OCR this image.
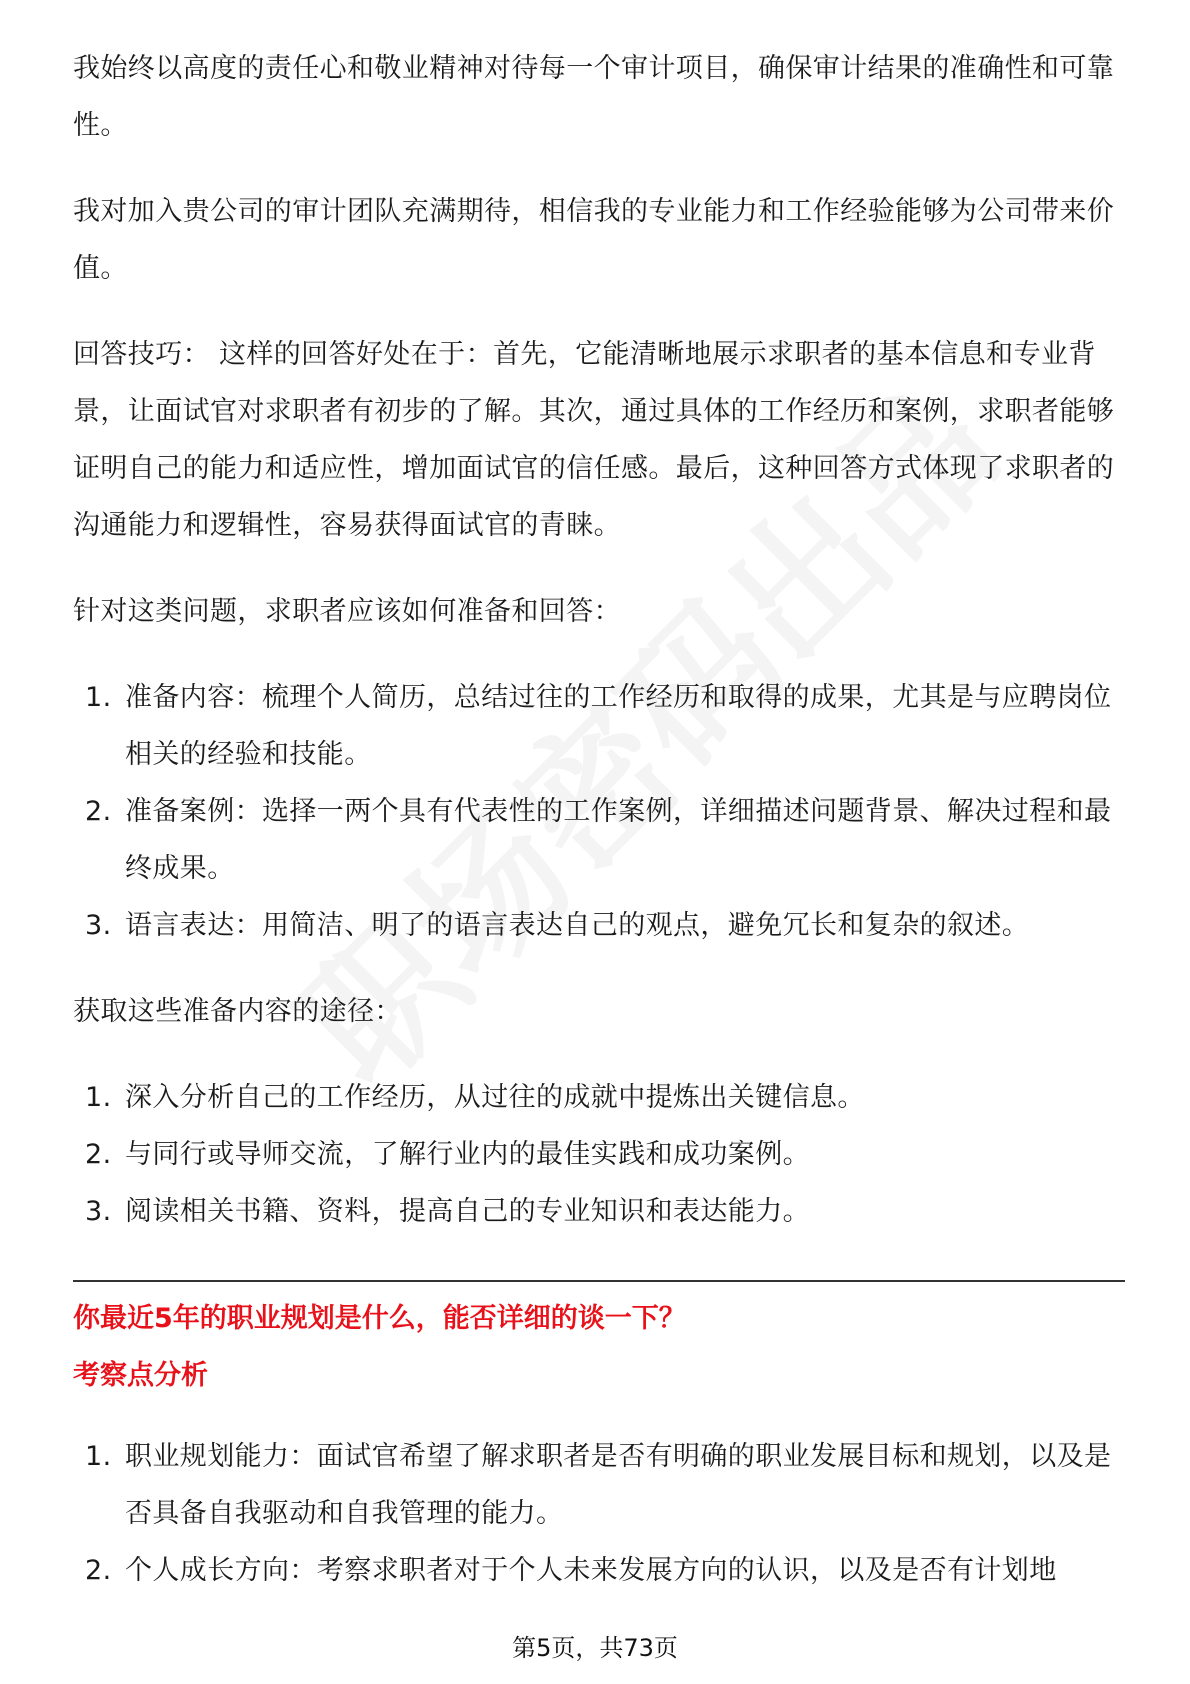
我始终以高度的责任心和敬业精神对待每一个审计项目，确保审计结果的准确性和可靠性。

我对加入贵公司的审计团队充满期待，相信我的专业能力和工作经验能够为公司带来价值。

回答技巧： 这样的回答好处在于：首先，它能清晰地展示求职者的基本信息和专业背景，让面试官对求职者有初步的了解。其次，通过具体的工作经历和案例，求职者能够证明自己的能力和适应性，增加面试官的信任感。最后，这种回答方式体现了求职者的沟通能力和逻辑性，容易获得面试官的青睐。

针对这类问题，求职者应该如何准备和回答：

1. 准备内容：梳理个人简历，总结过往的工作经历和取得的成果，尤其是与应聘岗位相关的经验和技能。
2. 准备案例：选择一两个具有代表性的工作案例，详细描述问题背景、解决过程和最终成果。
3. 语言表达：用简洁、明了的语言表达自己的观点，避免冗长和复杂的叙述。

获取这些准备内容的途径：

1. 深入分析自己的工作经历，从过往的成就中提炼出关键信息。
2. 与同行或导师交流，了解行业内的最佳实践和成功案例。
3. 阅读相关书籍、资料，提高自己的专业知识和表达能力。

你最近5年的职业规划是什么，能否详细的谈一下？

考察点分析

1. 职业规划能力：面试官希望了解求职者是否有明确的职业发展目标和规划，以及是否具备自我驱动和自我管理的能力。
2. 个人成长方向：考察求职者对于个人未来发展方向的认识，以及是否有计划地
第5页，共73页
